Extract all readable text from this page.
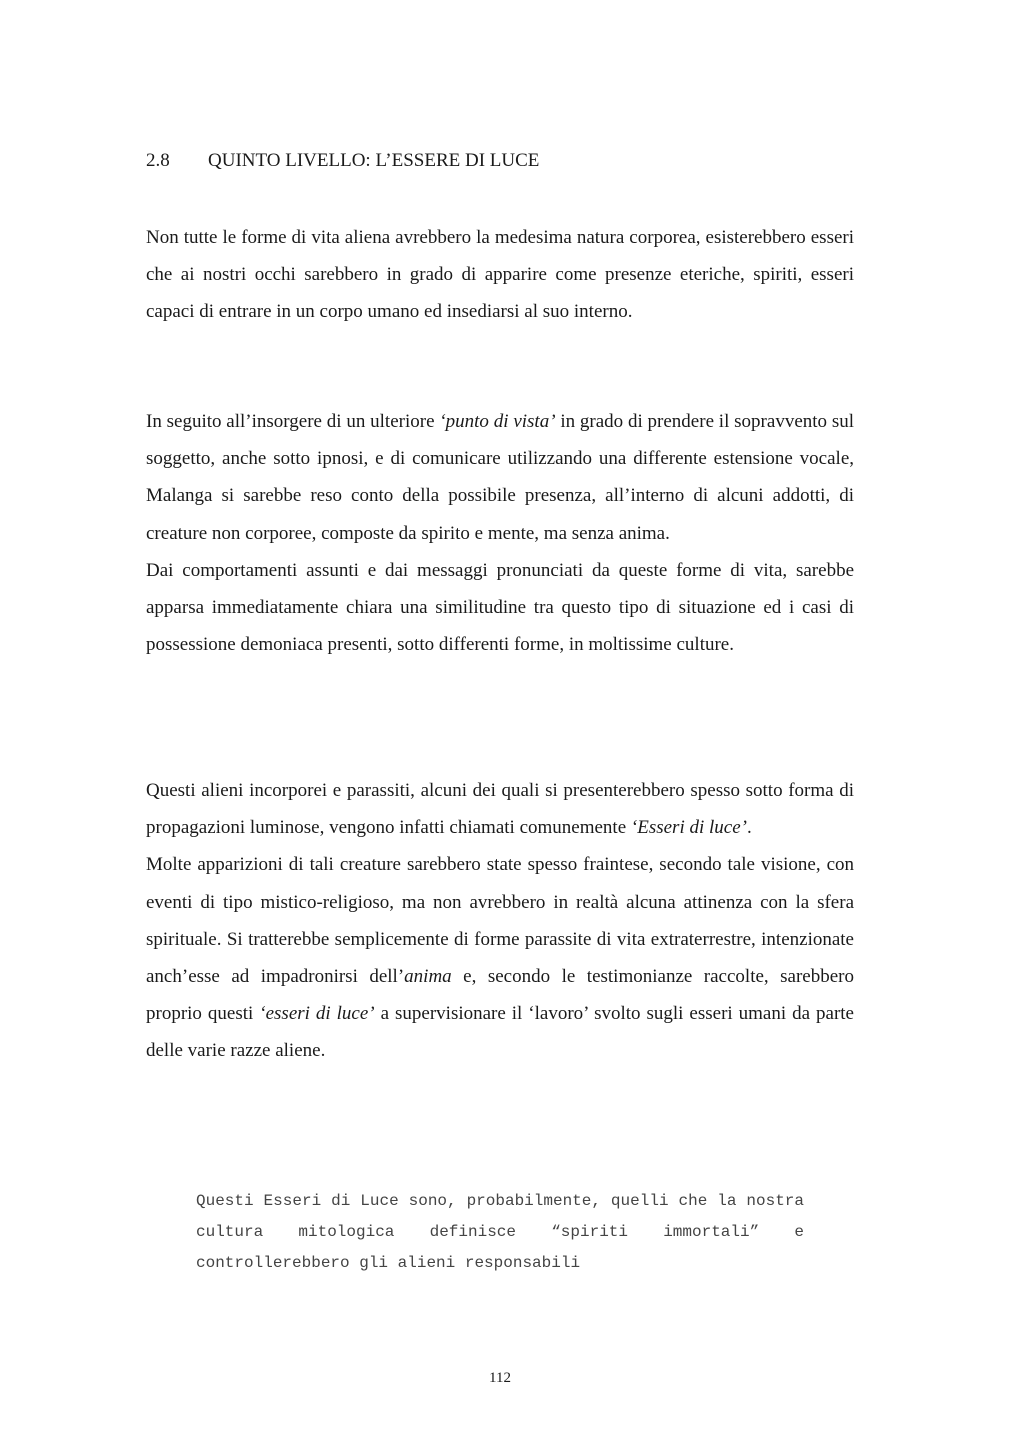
2.8 QUINTO LIVELLO: L’ESSERE DI LUCE

Non tutte le forme di vita aliena avrebbero la medesima natura corporea, esisterebbero esseri che ai nostri occhi sarebbero in grado di apparire come presenze eteriche, spiriti, esseri capaci di entrare in un corpo umano ed insediarsi al suo interno.

In seguito all’insorgere di un ulteriore ‘punto di vista’ in grado di prendere il sopravvento sul soggetto, anche sotto ipnosi, e di comunicare utilizzando una differente estensione vocale, Malanga si sarebbe reso conto della possibile presenza, all’interno di alcuni addotti, di creature non corporee, composte da spirito e mente, ma senza anima.
Dai comportamenti assunti e dai messaggi pronunciati da queste forme di vita, sarebbe apparsa immediatamente chiara una similitudine tra questo tipo di situazione ed i casi di possessione demoniaca presenti, sotto differenti forme, in moltissime culture.

Questi alieni incorporei e parassiti, alcuni dei quali si presenterebbero spesso sotto forma di propagazioni luminose, vengono infatti chiamati comunemente ‘Esseri di luce’.
Molte apparizioni di tali creature sarebbero state spesso fraintese, secondo tale visione, con eventi di tipo mistico-religioso, ma non avrebbero in realtà alcuna attinenza con la sfera spirituale. Si tratterebbe semplicemente di forme parassite di vita extraterrestre, intenzionate anch’esse ad impadronirsi dell’anima e, secondo le testimonianze raccolte, sarebbero proprio questi ‘esseri di luce’ a supervisionare il ‘lavoro’ svolto sugli esseri umani da parte delle varie razze aliene.

Questi Esseri di Luce sono, probabilmente, quelli che la nostra cultura mitologica definisce “spiriti immortali” e controllerebbero gli alieni responsabili

112
